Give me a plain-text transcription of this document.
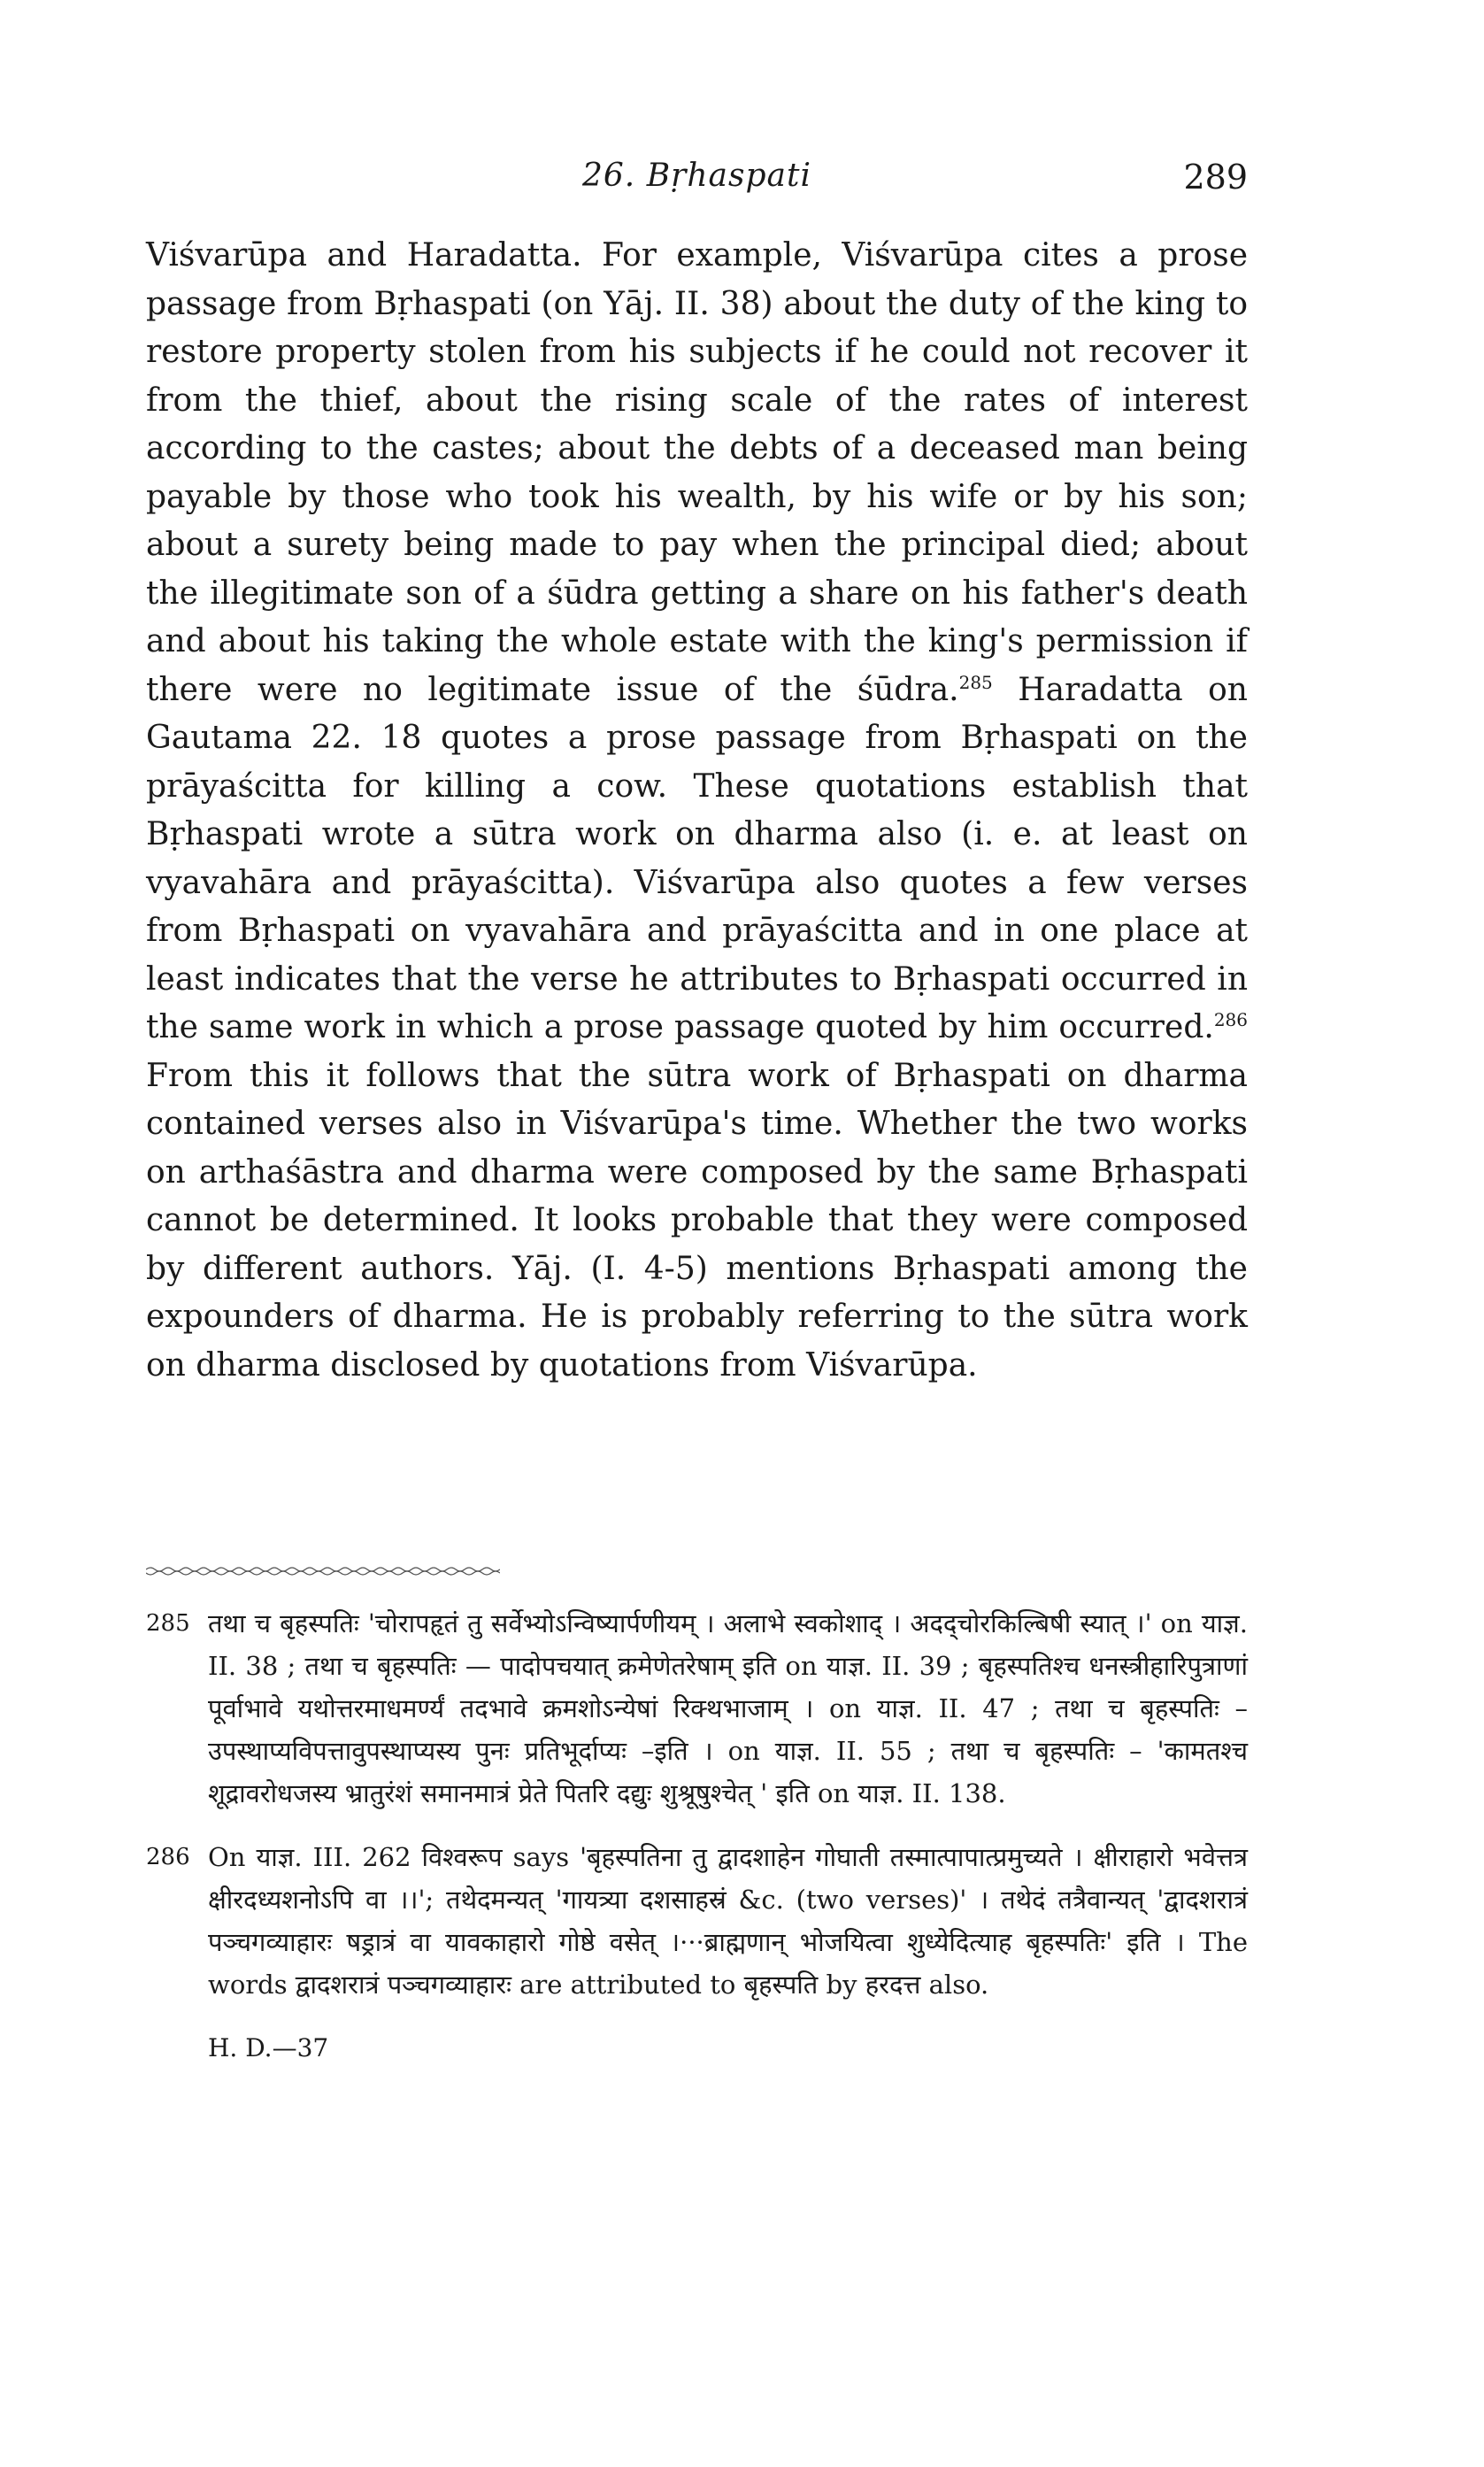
26. Bṛhaspati	289

Viśvarūpa and Haradatta. For example, Viśvarūpa cites a prose passage from Bṛhaspati (on Yāj. II. 38) about the duty of the king to restore property stolen from his subjects if he could not recover it from the thief, about the rising scale of the rates of interest according to the castes; about the debts of a deceased man being payable by those who took his wealth, by his wife or by his son; about a surety being made to pay when the principal died; about the illegitimate son of a śūdra getting a share on his father's death and about his taking the whole estate with the king's permission if there were no legitimate issue of the śūdra.$^{285}$ Haradatta on Gautama 22. 18 quotes a prose passage from Bṛhaspati on the prāyaścitta for killing a cow. These quotations establish that Bṛhaspati wrote a sūtra work on dharma also (i. e. at least on vyavahāra and prāyaścitta). Viśvarūpa also quotes a few verses from Bṛhaspati on vyavahāra and prāyaścitta and in one place at least indicates that the verse he attributes to Bṛhaspati occurred in the same work in which a prose passage quoted by him occurred.$^{286}$ From this it follows that the sūtra work of Bṛhaspati on dharma contained verses also in Viśvarūpa's time. Whether the two works on arthaśāstra and dharma were composed by the same Bṛhaspati cannot be determined. It looks probable that they were composed by different authors. Yāj. (I. 4-5) mentions Bṛhaspati among the expounders of dharma. He is probably referring to the sūtra work on dharma disclosed by quotations from Viśvarūpa.

285 तथा च बृहस्पतिः 'चोरापहृतं तु सर्वेभ्योऽन्विष्यार्पणीयम् । अलाभे स्वकोशाद् । अदद्चोरकिल्बिषी स्यात् ।' on याज्ञ. II. 38 ; तथा च बृहस्पतिः — पादोपचयात् क्रमेणेतरेषाम् इति on याज्ञ. II. 39 ; बृहस्पतिश्च धनस्त्रीहारिपुत्राणां पूर्वाभावे यथोत्तरमाधमर्ण्यं तदभावे क्रमशोऽन्येषां रिक्थभाजाम् । on याज्ञ. II. 47 ; तथा च बृहस्पतिः –उपस्थाप्यविपत्तावुपस्थाप्यस्य पुनः प्रतिभूर्दाप्यः –इति । on याज्ञ. II. 55 ; तथा च बृहस्पतिः – 'कामतश्च शूद्रावरोधजस्य भ्रातुरंशं समानमात्रं प्रेते पितरि दद्युः शुश्रूषुश्चेत् ' इति on याज्ञ. II. 138.
286 On याज्ञ. III. 262 विश्वरूप says 'बृहस्पतिना तु द्वादशाहेन गोघाती तस्मात्पापात्प्रमुच्यते । क्षीराहारो भवेत्तत्र क्षीरदध्यशनोऽपि वा ।।'; तथेदमन्यत् 'गायत्र्या दशसाहस्रं &c. (two verses)' । तथेदं तत्रैवान्यत् 'द्वादशरात्रं पञ्चगव्याहारः षड्रात्रं वा यावकाहारो गोष्ठे वसेत् ।···ब्राह्मणान् भोजयित्वा शुध्येदित्याह बृहस्पतिः' इति । The words द्वादशरात्रं पञ्चगव्याहारः are attributed to बृहस्पति by हरदत्त also.
H. D.—37
